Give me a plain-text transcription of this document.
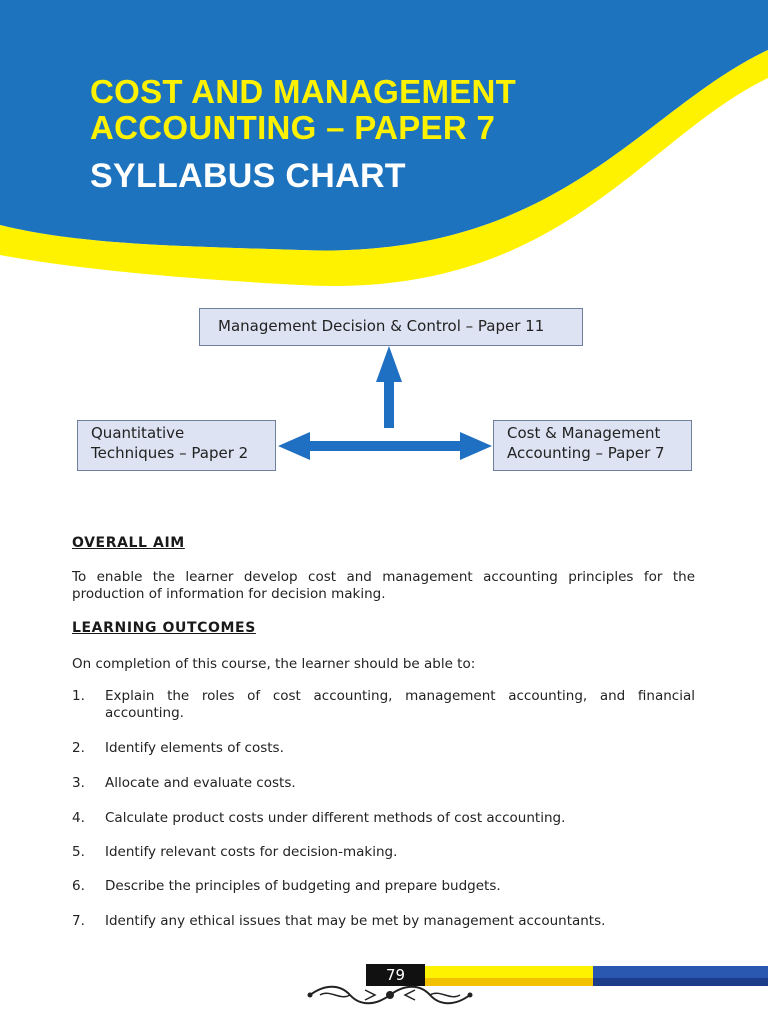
COST AND MANAGEMENT
ACCOUNTING – PAPER 7
SYLLABUS CHART
Management Decision & Control – Paper 11
Quantitative
Techniques – Paper 2
Cost & Management
Accounting – Paper 7
OVERALL AIM

To enable the learner develop cost and management accounting principles for the production of information for decision making.

LEARNING OUTCOMES

On completion of this course, the learner should be able to:

1. Explain the roles of cost accounting, management accounting, and financial accounting.
2. Identify elements of costs.
3. Allocate and evaluate costs.
4. Calculate product costs under different methods of cost accounting.
5. Identify relevant costs for decision-making.
6. Describe the principles of budgeting and prepare budgets.
7. Identify any ethical issues that may be met by management accountants.
79
